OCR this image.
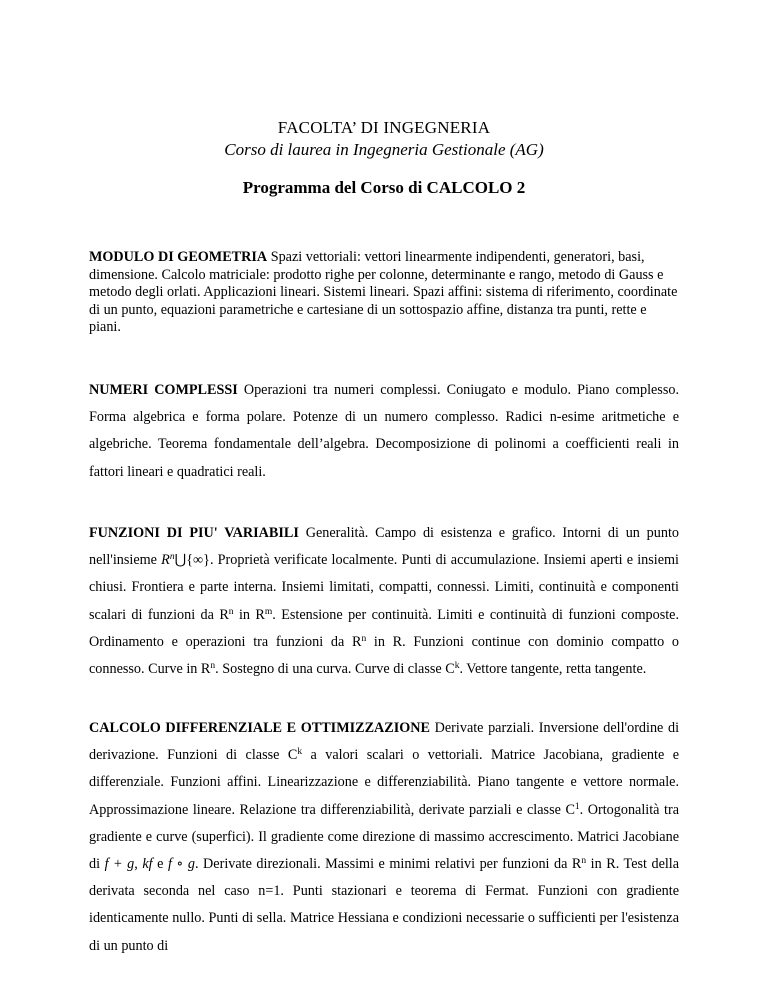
FACOLTA’ DI INGEGNERIA
Corso di laurea in Ingegneria Gestionale (AG)
Programma del Corso di CALCOLO 2
MODULO DI GEOMETRIA Spazi vettoriali: vettori linearmente indipendenti, generatori, basi, dimensione. Calcolo matriciale: prodotto righe per colonne, determinante e rango, metodo di Gauss e metodo degli orlati. Applicazioni lineari. Sistemi lineari. Spazi affini: sistema di riferimento, coordinate di un punto, equazioni parametriche e cartesiane di un sottospazio affine, distanza tra punti, rette e piani.
NUMERI COMPLESSI Operazioni tra numeri complessi. Coniugato e modulo. Piano complesso. Forma algebrica e forma polare. Potenze di un numero complesso. Radici n-esime aritmetiche e algebriche. Teorema fondamentale dell’algebra. Decomposizione di polinomi a coefficienti reali in fattori lineari e quadratici reali.
FUNZIONI DI PIU' VARIABILI Generalità. Campo di esistenza e grafico. Intorni di un punto nell'insieme $R^n⋃\{\infty\}$. Proprietà verificate localmente. Punti di accumulazione. Insiemi aperti e insiemi chiusi. Frontiera e parte interna. Insiemi limitati, compatti, connessi. Limiti, continuità e componenti scalari di funzioni da $R^n$ in $R^m$. Estensione per continuità. Limiti e continuità di funzioni composte. Ordinamento e operazioni tra funzioni da $R^n$ in R. Funzioni continue con dominio compatto o connesso. Curve in $R^n$. Sostegno di una curva. Curve di classe $C^k$. Vettore tangente, retta tangente.
CALCOLO DIFFERENZIALE E OTTIMIZZAZIONE Derivate parziali. Inversione dell'ordine di derivazione. Funzioni di classe $C^k$ a valori scalari o vettoriali. Matrice Jacobiana, gradiente e differenziale. Funzioni affini. Linearizzazione e differenziabilità. Piano tangente e vettore normale. Approssimazione lineare. Relazione tra differenziabilità, derivate parziali e classe $C^1$. Ortogonalità tra gradiente e curve (superfici). Il gradiente come direzione di massimo accrescimento. Matrici Jacobiane di f + g, kf e f ∘ g. Derivate direzionali. Massimi e minimi relativi per funzioni da $R^n$ in R. Test della derivata seconda nel caso n=1. Punti stazionari e teorema di Fermat. Funzioni con gradiente identicamente nullo. Punti di sella. Matrice Hessiana e condizioni necessarie o sufficienti per l'esistenza di un punto di
